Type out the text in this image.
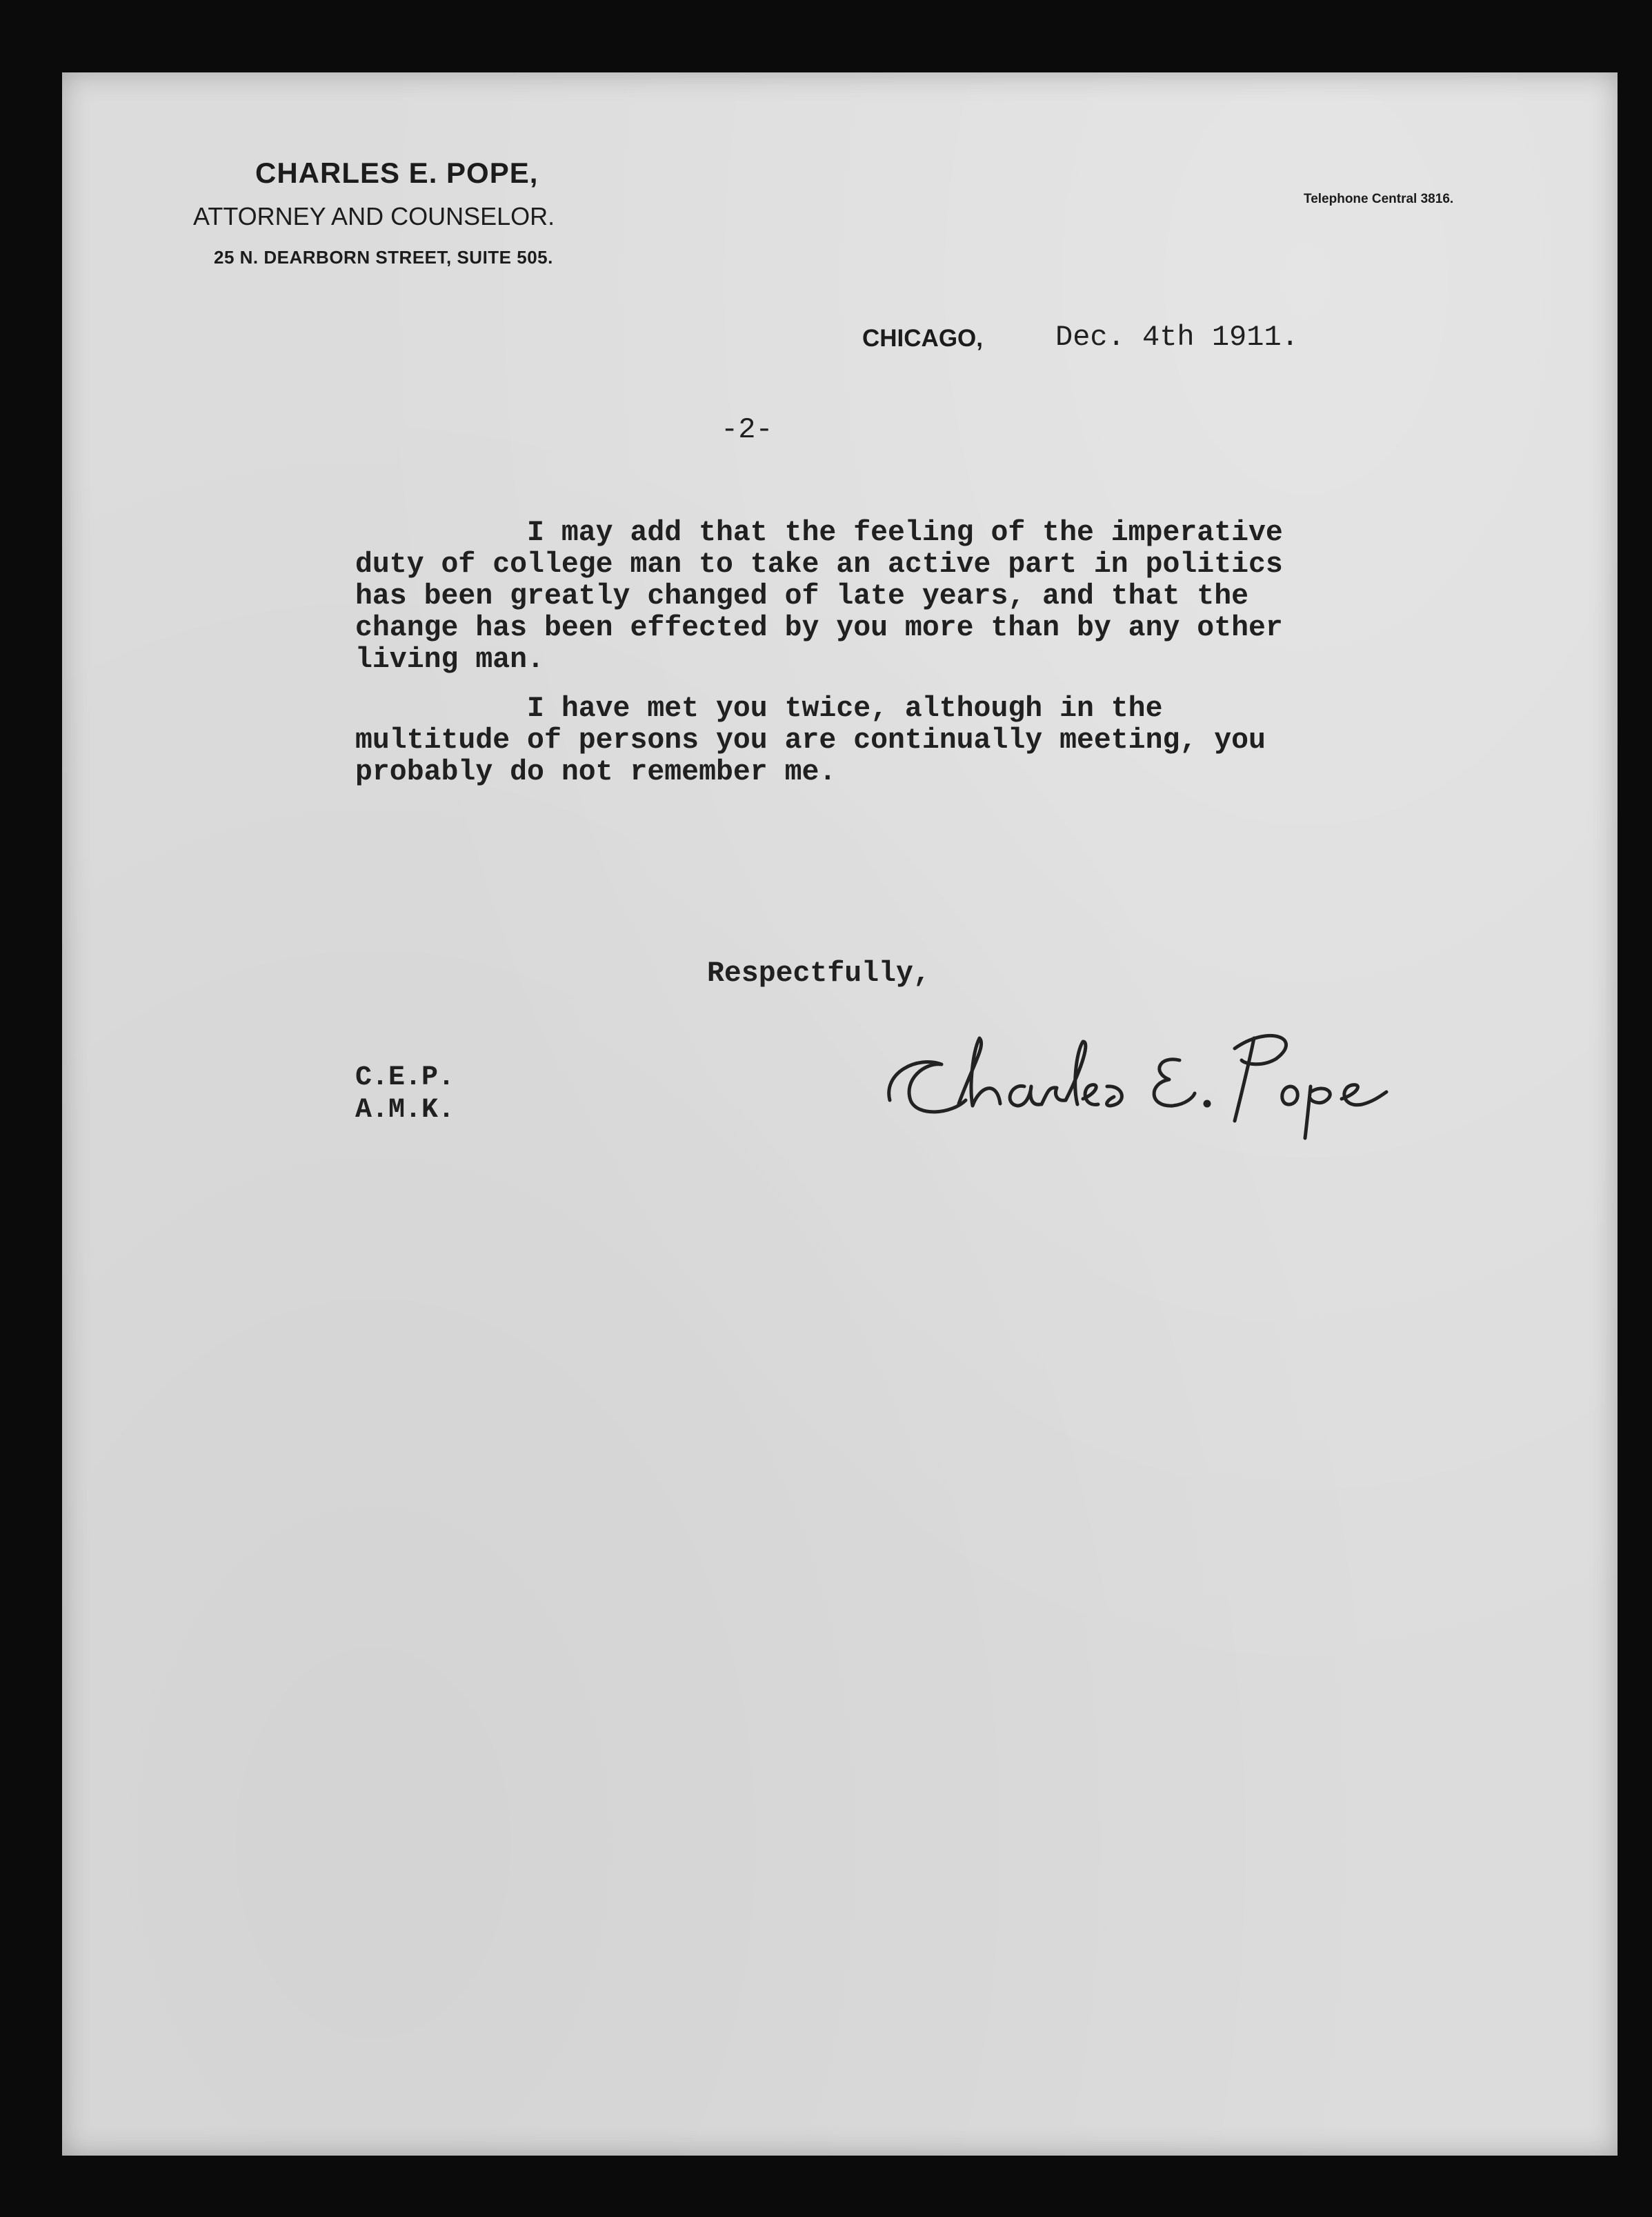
CHARLES E. POPE,
ATTORNEY AND COUNSELOR.
25 N. DEARBORN STREET, SUITE 505.
Telephone Central 3816.
CHICAGO,	Dec. 4th 1911.
-2-
I may add that the feeling of the imperative
duty of college man to take an active part in politics
has been greatly changed of late years, and that the
change has been effected by you more than by any other
living man.
I have met you twice, although in the
multitude of persons you are continually meeting, you
probably do not remember me.
Respectfully,
C.E.P.
A.M.K.
